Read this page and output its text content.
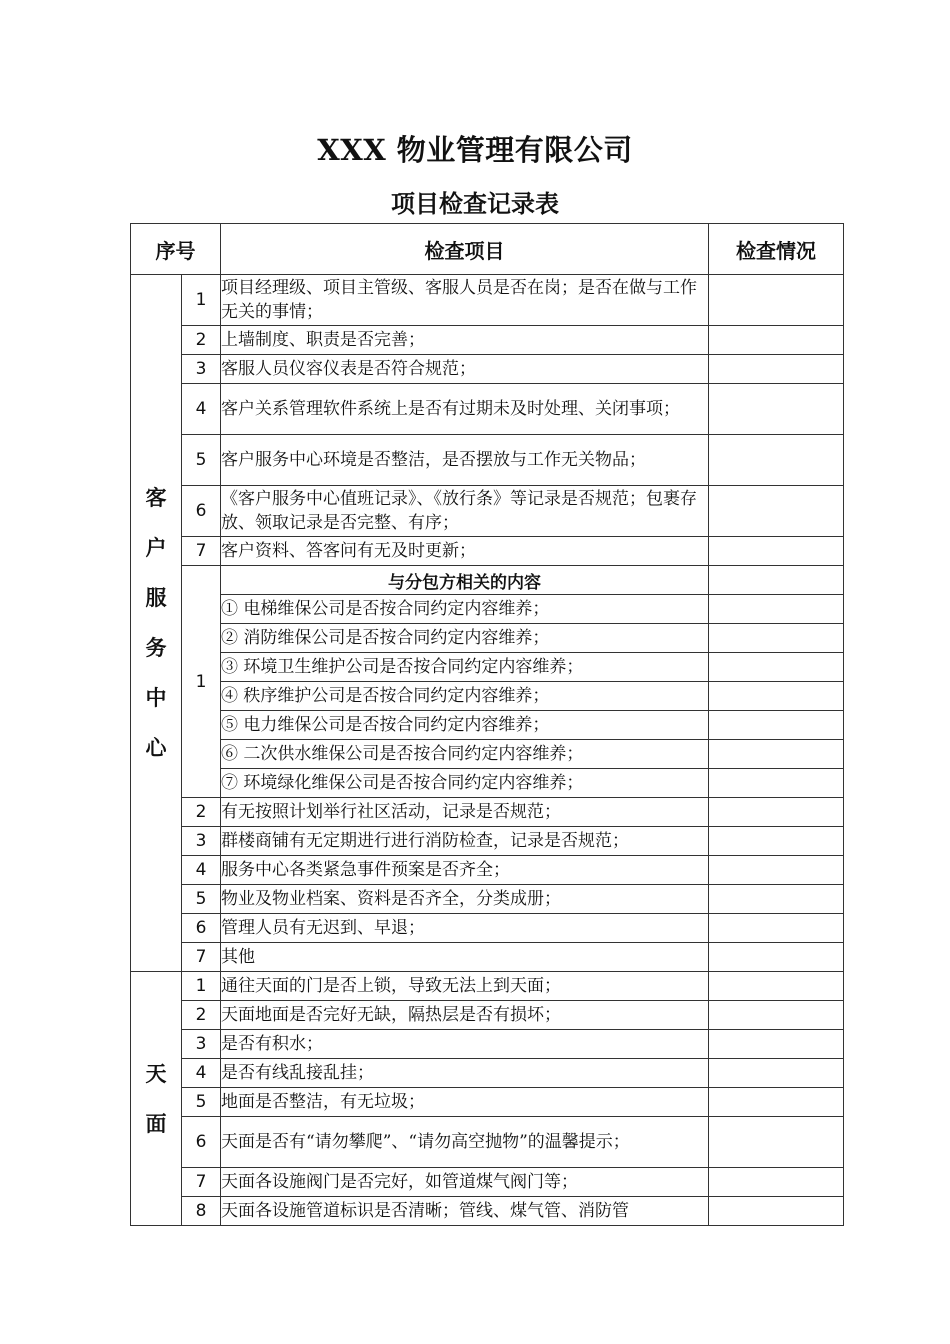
XXX 物业管理有限公司
项目检查记录表
序号		检查项目	检查情况
客户服务中心	1	项目经理级、项目主管级、客服人员是否在岗；是否在做与工作无关的事情；	
	2	上墙制度、职责是否完善；	
	3	客服人员仪容仪表是否符合规范；	
	4	客户关系管理软件系统上是否有过期未及时处理、关闭事项；	
	5	客户服务中心环境是否整洁，是否摆放与工作无关物品；	
	6	《客户服务中心值班记录》、《放行条》等记录是否规范；包裹存放、领取记录是否完整、有序；	
	7	客户资料、答客问有无及时更新；	
	1	与分包方相关的内容	
		① 电梯维保公司是否按合同约定内容维养；	
		② 消防维保公司是否按合同约定内容维养；	
		③ 环境卫生维护公司是否按合同约定内容维养；	
		④ 秩序维护公司是否按合同约定内容维养；	
		⑤ 电力维保公司是否按合同约定内容维养；	
		⑥ 二次供水维保公司是否按合同约定内容维养；	
		⑦ 环境绿化维保公司是否按合同约定内容维养；	
	2	有无按照计划举行社区活动，记录是否规范；	
	3	群楼商铺有无定期进行进行消防检查，记录是否规范；	
	4	服务中心各类紧急事件预案是否齐全；	
	5	物业及物业档案、资料是否齐全，分类成册；	
	6	管理人员有无迟到、早退；	
	7	其他	
天面	1	通往天面的门是否上锁，导致无法上到天面；	
	2	天面地面是否完好无缺，隔热层是否有损坏；	
	3	是否有积水；	
	4	是否有线乱接乱挂；	
	5	地面是否整洁，有无垃圾；	
	6	天面是否有“请勿攀爬”、“请勿高空抛物”的温馨提示；	
	7	天面各设施阀门是否完好，如管道煤气阀门等；	
	8	天面各设施管道标识是否清晰；管线、煤气管、消防管	
